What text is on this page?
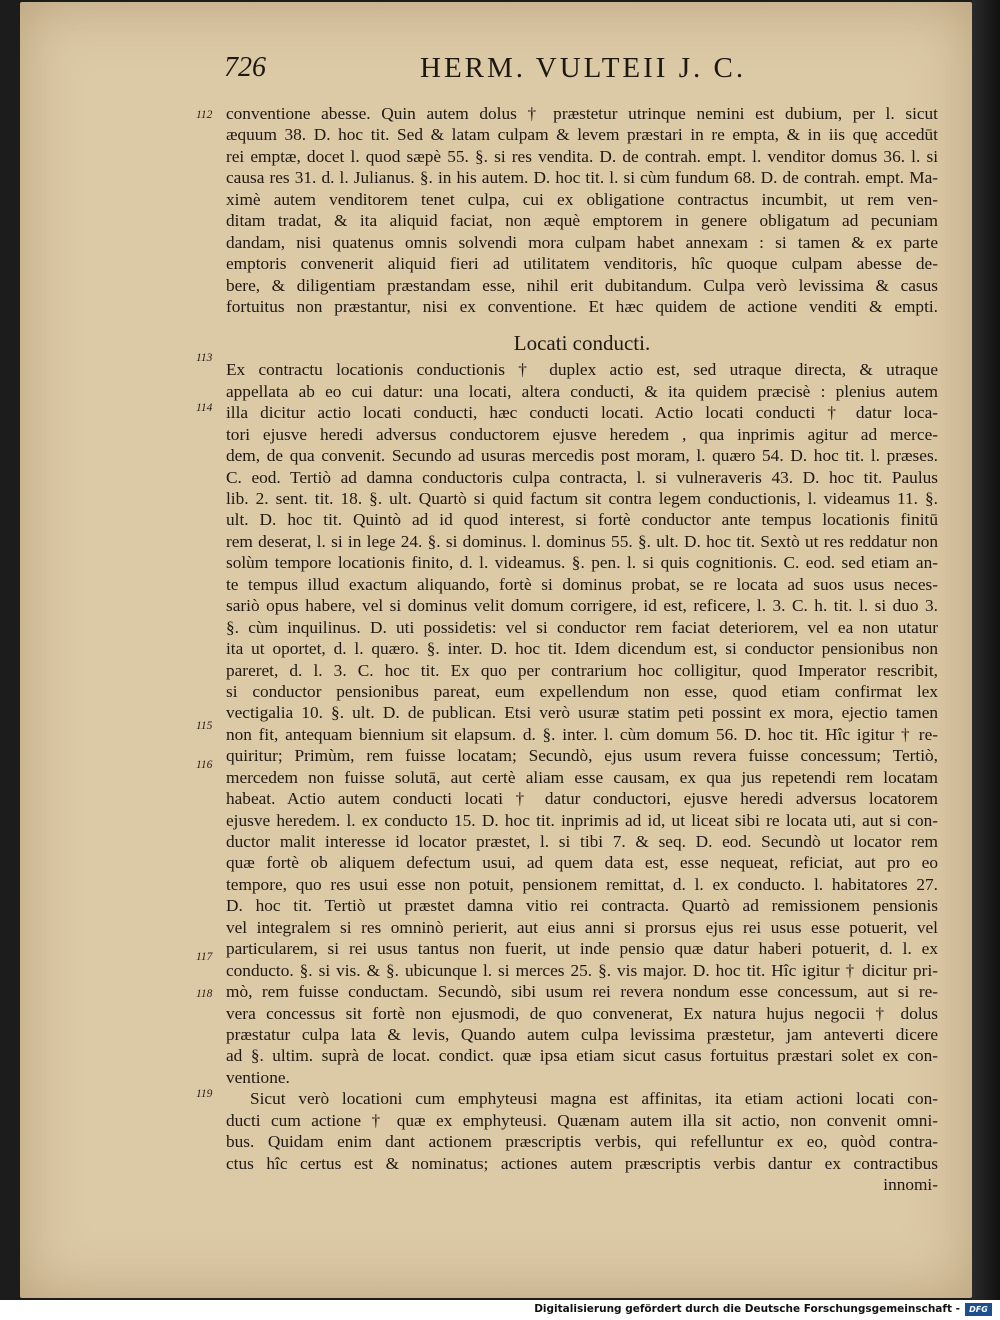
726	HERM. VULTEII J. C.
conventione abesse. Quin autem dolus † præstetur utrinque nemini est dubium, per l. sicut
æquum 38. D. hoc tit. Sed & latam culpam & levem præstari in re empta, & in iis quę accedūt
rei emptæ, docet l. quod sæpè 55. §. si res vendita. D. de contrah. empt. l. venditor domus 36. l. si
causa res 31. d. l. Julianus. §. in his autem. D. hoc tit. l. si cùm fundum 68. D. de contrah. empt. Ma-
ximè autem venditorem tenet culpa, cui ex obligatione contractus incumbit, ut rem ven-
ditam tradat, & ita aliquid faciat, non æquè emptorem in genere obligatum ad pecuniam
dandam, nisi quatenus omnis solvendi mora culpam habet annexam : si tamen & ex parte
emptoris convenerit aliquid fieri ad utilitatem venditoris, hîc quoque culpam abesse de-
bere, & diligentiam præstandam esse, nihil erit dubitandum. Culpa verò levissima & casus
fortuitus non præstantur, nisi ex conventione. Et hæc quidem de actione venditi & empti.
Locati conducti.
Ex contractu locationis conductionis † duplex actio est, sed utraque directa, & utraque
appellata ab eo cui datur: una locati, altera conducti, & ita quidem præcisè : plenius autem
illa dicitur actio locati conducti, hæc conducti locati. Actio locati conducti † datur loca-
tori ejusve heredi adversus conductorem ejusve heredem , qua inprimis agitur ad merce-
dem, de qua convenit. Secundo ad usuras mercedis post moram, l. quæro 54. D. hoc tit. l. præses.
C. eod. Tertiò ad damna conductoris culpa contracta, l. si vulneraveris 43. D. hoc tit. Paulus
lib. 2. sent. tit. 18. §. ult. Quartò si quid factum sit contra legem conductionis, l. videamus 11. §.
ult. D. hoc tit. Quintò ad id quod interest, si fortè conductor ante tempus locationis finitū
rem deserat, l. si in lege 24. §. si dominus. l. dominus 55. §. ult. D. hoc tit. Sextò ut res reddatur non
solùm tempore locationis finito, d. l. videamus. §. pen. l. si quis cognitionis. C. eod. sed etiam an-
te tempus illud exactum aliquando, fortè si dominus probat, se re locata ad suos usus neces-
sariò opus habere, vel si dominus velit domum corrigere, id est, reficere, l. 3. C. h. tit. l. si duo 3.
§. cùm inquilinus. D. uti possidetis: vel si conductor rem faciat deteriorem, vel ea non utatur
ita ut oportet, d. l. quæro. §. inter. D. hoc tit. Idem dicendum est, si conductor pensionibus non
pareret, d. l. 3. C. hoc tit. Ex quo per contrarium hoc colligitur, quod Imperator rescribit,
si conductor pensionibus pareat, eum expellendum non esse, quod etiam confirmat lex
vectigalia 10. §. ult. D. de publican. Etsi verò usuræ statim peti possint ex mora, ejectio tamen
non fit, antequam biennium sit elapsum. d. §. inter. l. cùm domum 56. D. hoc tit. Hîc igitur † re-
quiritur; Primùm, rem fuisse locatam; Secundò, ejus usum revera fuisse concessum; Tertiò,
mercedem non fuisse solutā, aut certè aliam esse causam, ex qua jus repetendi rem locatam
habeat. Actio autem conducti locati † datur conductori, ejusve heredi adversus locatorem
ejusve heredem. l. ex conducto 15. D. hoc tit. inprimis ad id, ut liceat sibi re locata uti, aut si con-
ductor malit interesse id locator præstet, l. si tibi 7. & seq. D. eod. Secundò ut locator rem
quæ fortè ob aliquem defectum usui, ad quem data est, esse nequeat, reficiat, aut pro eo
tempore, quo res usui esse non potuit, pensionem remittat, d. l. ex conducto. l. habitatores 27.
D. hoc tit. Tertiò ut præstet damna vitio rei contracta. Quartò ad remissionem pensionis
vel integralem si res omninò perierit, aut eius anni si prorsus ejus rei usus esse potuerit, vel
particularem, si rei usus tantus non fuerit, ut inde pensio quæ datur haberi potuerit, d. l. ex
conducto. §. si vis. & §. ubicunque l. si merces 25. §. vis major. D. hoc tit. Hîc igitur † dicitur pri-
mò, rem fuisse conductam. Secundò, sibi usum rei revera nondum esse concessum, aut si re-
vera concessus sit fortè non ejusmodi, de quo convenerat, Ex natura hujus negocii † dolus
præstatur culpa lata & levis, Quando autem culpa levissima præstetur, jam anteverti dicere
ad §. ultim. suprà de locat. condict. quæ ipsa etiam sicut casus fortuitus præstari solet ex con-
ventione.
Sicut verò locationi cum emphyteusi magna est affinitas, ita etiam actioni locati con-
ducti cum actione † quæ ex emphyteusi. Quænam autem illa sit actio, non convenit omni-
bus. Quidam enim dant actionem præscriptis verbis, qui refelluntur ex eo, quòd contra-
ctus hîc certus est & nominatus; actiones autem præscriptis verbis dantur ex contractibus
innomi-
112
113
114
115
116
117
118
119
Digitalisierung gefördert durch die Deutsche Forschungsgemeinschaft -	DFG
